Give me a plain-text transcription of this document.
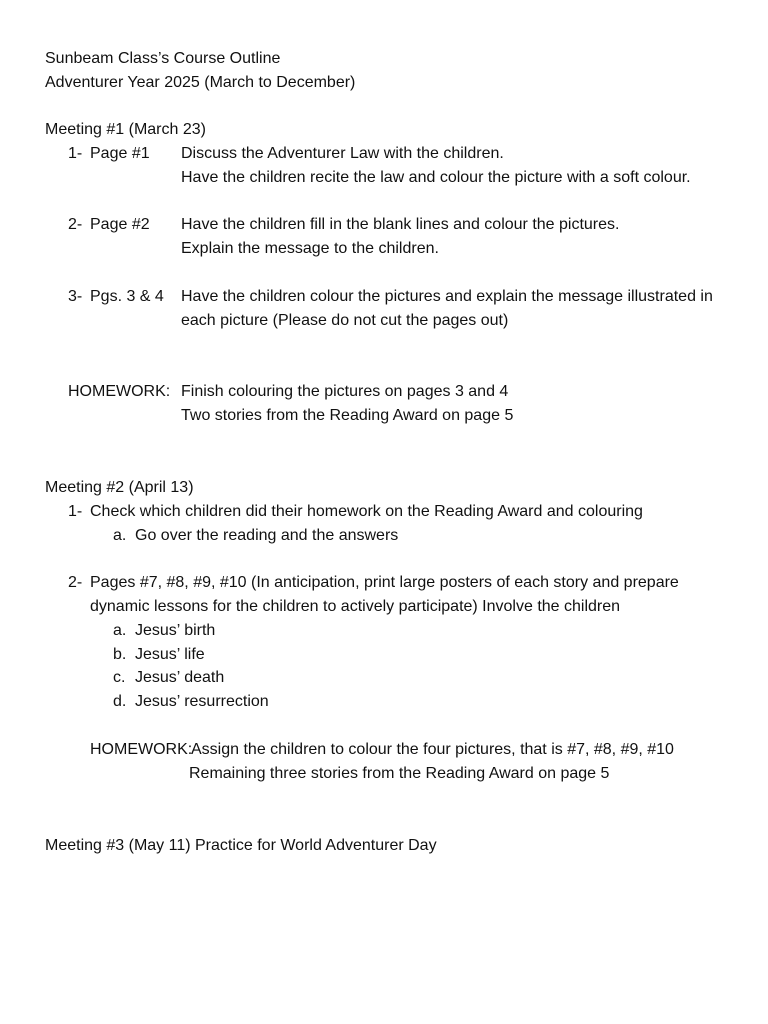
Sunbeam Class’s Course Outline
Adventurer Year 2025 (March to December)
Meeting #1 (March 23)
1- Page #1 Discuss the Adventurer Law with the children.
Have the children recite the law and colour the picture with a soft colour.
2- Page #2 Have the children fill in the blank lines and colour the pictures.
Explain the message to the children.
3- Pgs. 3 & 4 Have the children colour the pictures and explain the message illustrated in
each picture (Please do not cut the pages out)
HOMEWORK: Finish colouring the pictures on pages 3 and 4
Two stories from the Reading Award on page 5
Meeting #2 (April 13)
1- Check which children did their homework on the Reading Award and colouring
a. Go over the reading and the answers
2- Pages #7, #8, #9, #10 (In anticipation, print large posters of each story and prepare
dynamic lessons for the children to actively participate) Involve the children
a. Jesus’ birth
b. Jesus’ life
c. Jesus’ death
d. Jesus’ resurrection
HOMEWORK:
Assign the children to colour the four pictures, that is #7, #8, #9, #10
Remaining three stories from the Reading Award on page 5
Meeting #3 (May 11) Practice for World Adventurer Day
